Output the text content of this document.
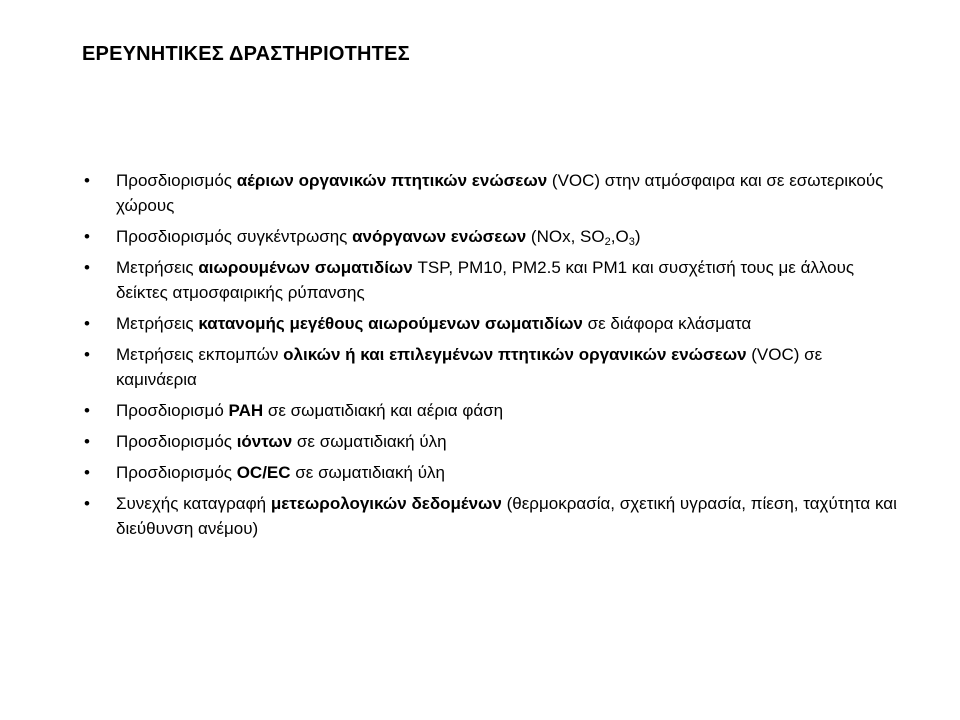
ΕΡΕΥΝΗΤΙΚΕΣ ΔΡΑΣΤΗΡΙΟΤΗΤΕΣ
• Προσδιορισμός αέριων οργανικών πτητικών ενώσεων (VOC) στην ατμόσφαιρα και σε εσωτερικούς χώρους
• Προσδιορισμός συγκέντρωσης ανόργανων ενώσεων (NOx, $SO_2,O_3$)
• Μετρήσεις αιωρουμένων σωματιδίων TSP, PM10, PM2.5 και PM1 και συσχέτισή τους με άλλους δείκτες ατμοσφαιρικής ρύπανσης
• Μετρήσεις κατανομής μεγέθους αιωρούμενων σωματιδίων σε διάφορα κλάσματα
• Μετρήσεις εκπομπών ολικών ή και επιλεγμένων πτητικών οργανικών ενώσεων (VOC) σε καμινάερια
• Προσδιορισμό PAH σε σωματιδιακή και αέρια φάση
• Προσδιορισμός ιόντων σε σωματιδιακή ύλη
• Προσδιορισμός OC/EC σε σωματιδιακή ύλη
• Συνεχής καταγραφή μετεωρολογικών δεδομένων (θερμοκρασία, σχετική υγρασία, πίεση, ταχύτητα και διεύθυνση ανέμου)
